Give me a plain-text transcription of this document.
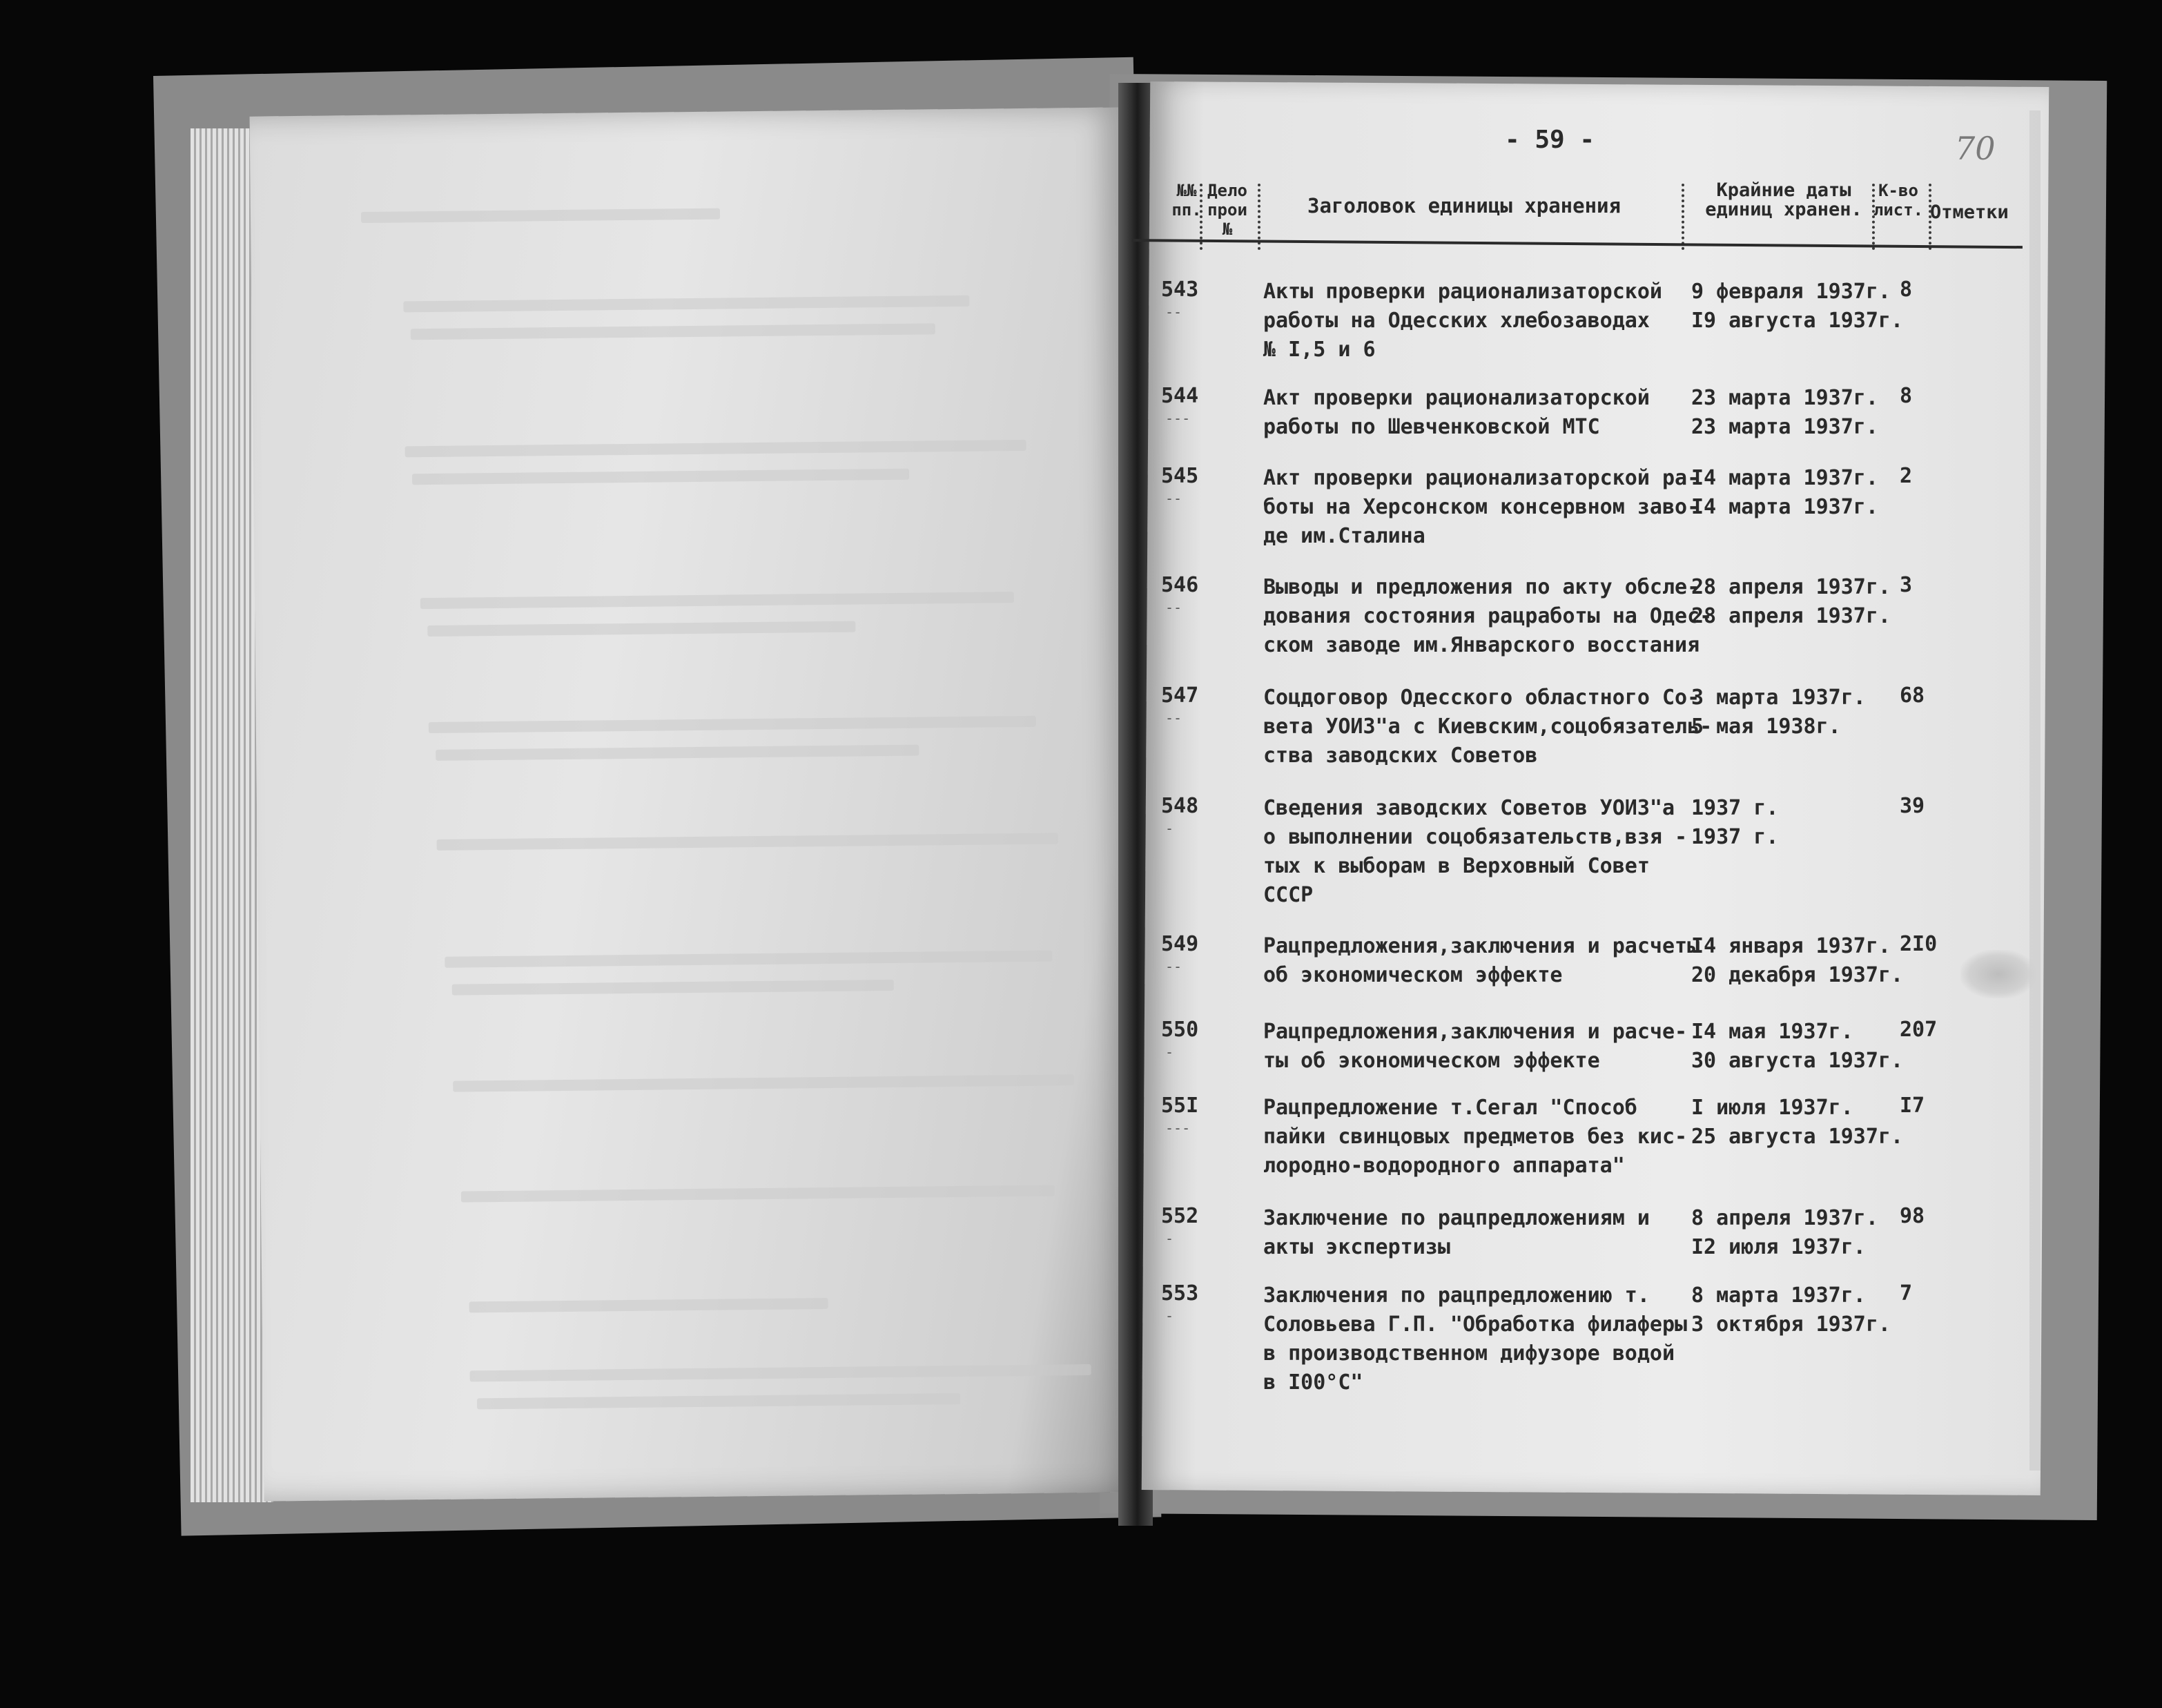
- 59 -	70
№№
пп.
Дело
прои
№
Заголовок единицы хранения
Крайние даты
единиц хранен.
К-во
лист. Отметки
543
--
Акты проверки рационализаторской
работы на Одесских хлебозаводах
№ I,5 и 6
9 февраля 1937г.
I9 августа 1937г.
8
544
---
Акт проверки рационализаторской
работы по Шевченковской МТС
23 марта 1937г.
23 марта 1937г.
8
545
--
Акт проверки рационализаторской ра-
боты на Херсонском консервном заво-
де им.Сталина
I4 марта 1937г.
I4 марта 1937г.
2
546
--
Выводы и предложения по акту обсле-
дования состояния рацработы на Одес-
ском заводе им.Январского восстания
28 апреля 1937г.
28 апреля 1937г.
3
547
--
Соцдоговор Одесского областного Со-
вета УОИЗ"а с Киевским,соцобязатель-
ства заводских Советов
3 марта 1937г.
5 мая 1938г.
68
548
-
Сведения заводских Советов УОИЗ"а
о выполнении соцобязательств,взя -
тых к выборам в Верховный Совет
СССР
1937 г.
1937 г.
39
549
--
Рацпредложения,заключения и расчеты
об экономическом эффекте
I4 января 1937г.
20 декабря 1937г.
2I0
550
-
Рацпредложения,заключения и расче-
ты об экономическом эффекте
I4 мая 1937г.
30 августа 1937г.
207
55I
---
Рацпредложение т.Сегал "Способ
пайки свинцовых предметов без кис-
лородно-водородного аппарата"
I июля 1937г.
25 августа 1937г.
I7
552
-
Заключение по рацпредложениям и
акты экспертизы
8 апреля 1937г.
I2 июля 1937г.
98
553
-
Заключения по рацпредложению т.
Соловьева Г.П. "Обработка филаферы
в производственном дифузоре водой
в I00°С"
8 марта 1937г.
3 октября 1937г.
7
